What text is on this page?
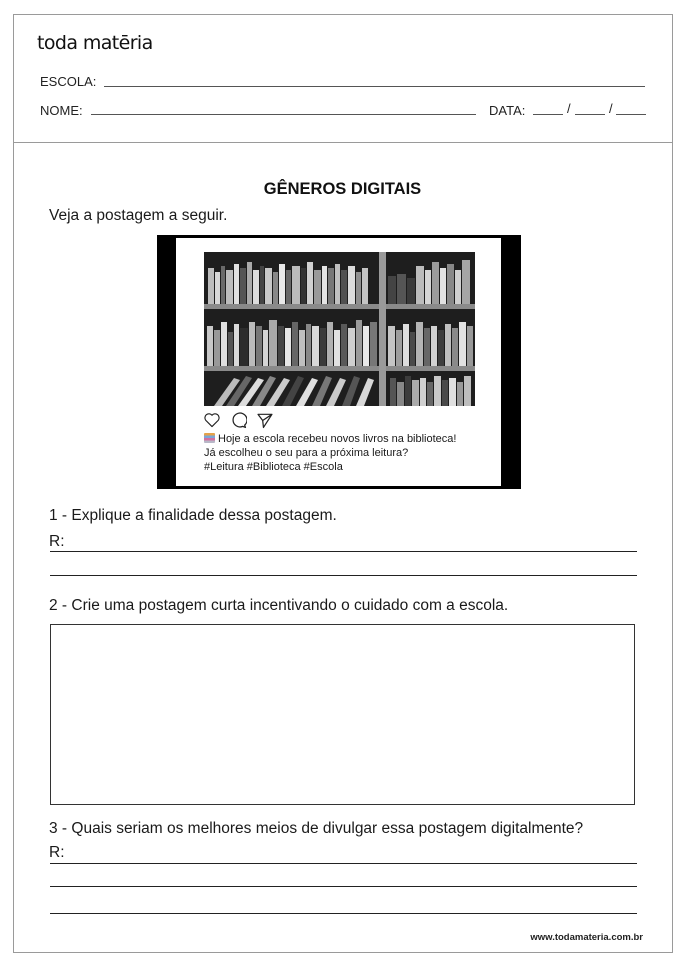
toda matēria
ESCOLA:
NOME:	DATA:	/	/
GÊNEROS DIGITAIS
Veja a postagem a seguir.
Hoje a escola recebeu novos livros na biblioteca!
Já escolheu o seu para a próxima leitura?
#Leitura #Biblioteca #Escola
1 - Explique a finalidade dessa postagem.
R:
2 - Crie uma postagem curta incentivando o cuidado com a escola.
3 - Quais seriam os melhores meios de divulgar essa postagem digitalmente?
R:
www.todamateria.com.br
